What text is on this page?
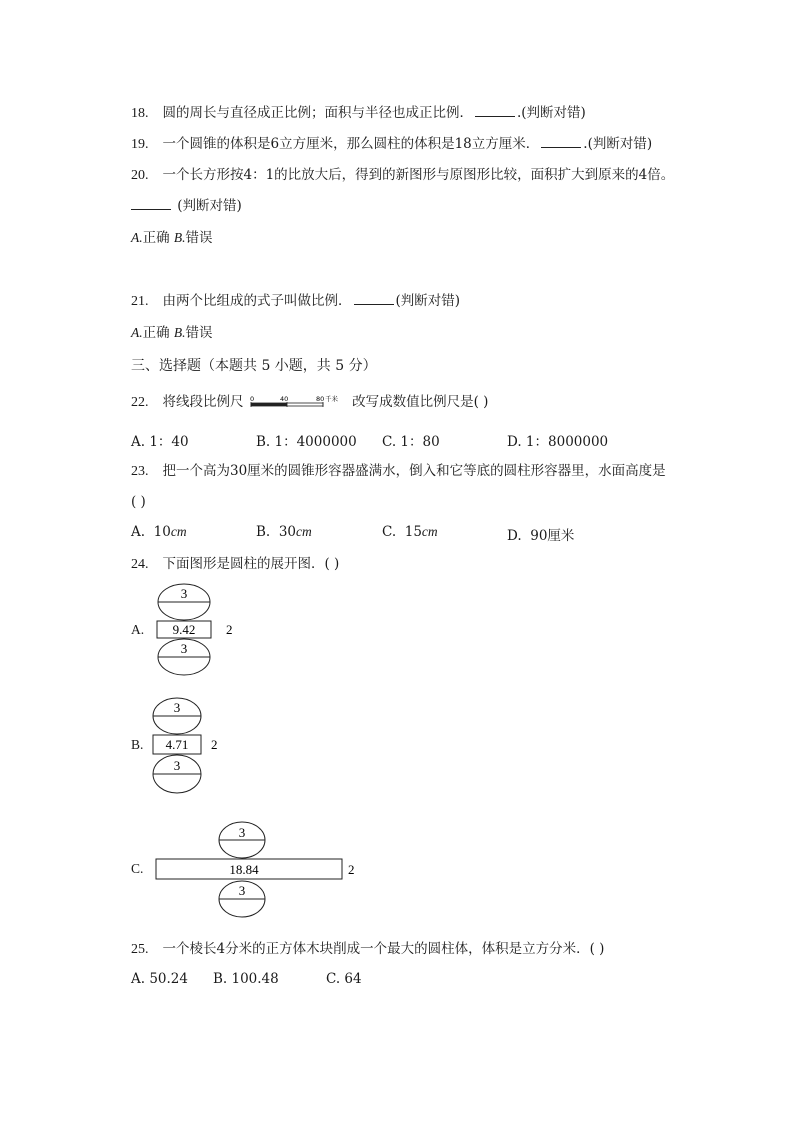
18. 圆的周长与直径成正比例；面积与半径也成正比例．	.(判断对错)
19. 一个圆锥的体积是6立方厘米，那么圆柱的体积是18立方厘米．	.(判断对错)
20. 一个长方形按4：1的比放大后，得到的新图形与原图形比较，面积扩大到原来的4倍。
(判断对错)
A.正确 B.错误
21. 由两个比组成的式子叫做比例．	(判断对错)
A.正确 B.错误
三、选择题（本题共 5 小题，共 5 分）
22. 将线段比例尺 0	40	80 千米 改写成数值比例尺是( )
A. 1：40	B. 1：4000000 C. 1：80	D. 1：8000000
23. 把一个高为30厘米的圆锥形容器盛满水，倒入和它等底的圆柱形容器里，水面高度是
( )
A. 10cm	B. 30cm	C. 15cm	D. 90厘米
24. 下面图形是圆柱的展开图．( )
A.
3
9.42 2
3
B.
3
4.71 2
3
C.
3
18.84	2
3
25. 一个棱长4分米的正方体木块削成一个最大的圆柱体，体积是立方分米．( )
A. 50.24 B. 100.48	C. 64
